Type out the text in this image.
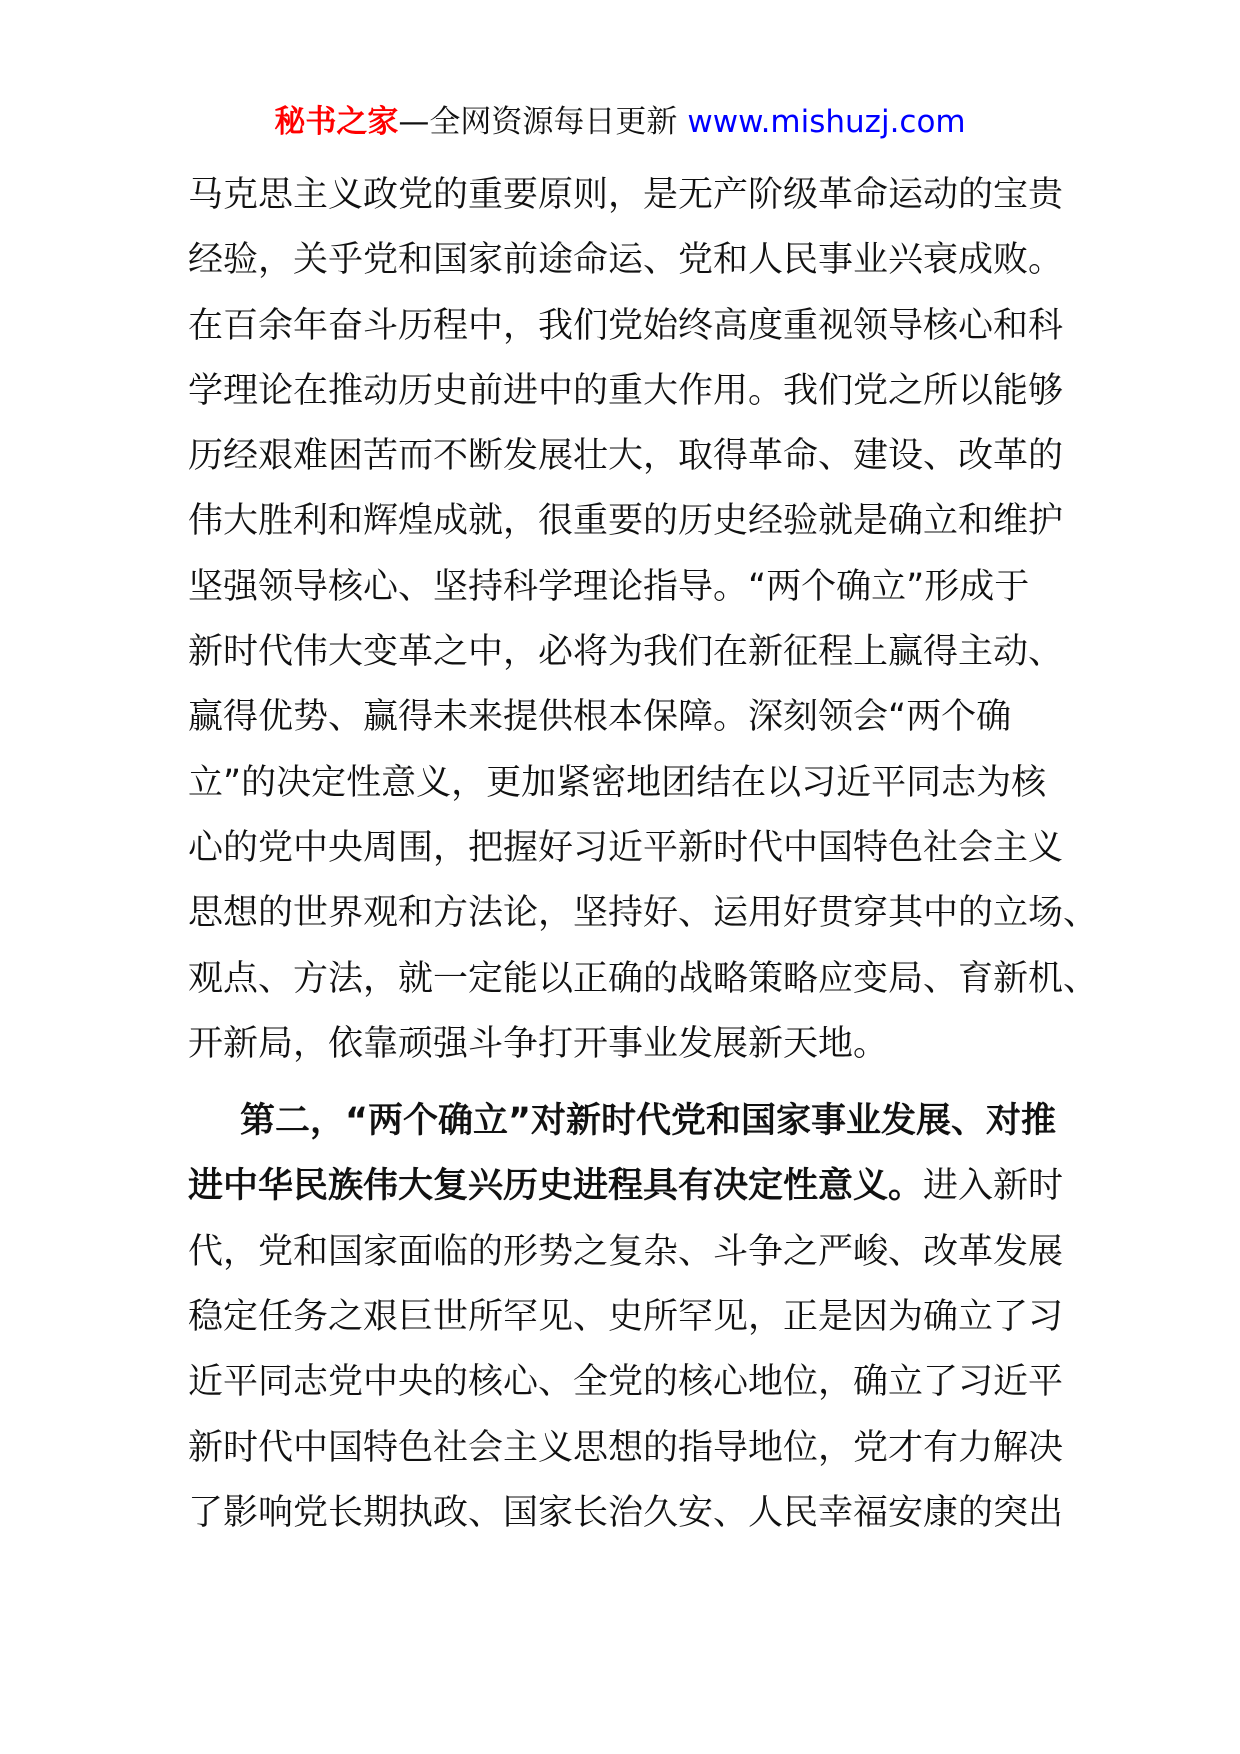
秘书之家—全网资源每日更新 www.mishuzj.com
马克思主义政党的重要原则，是无产阶级革命运动的宝贵
经验，关乎党和国家前途命运、党和人民事业兴衰成败。
在百余年奋斗历程中，我们党始终高度重视领导核心和科
学理论在推动历史前进中的重大作用。我们党之所以能够
历经艰难困苦而不断发展壮大，取得革命、建设、改革的
伟大胜利和辉煌成就，很重要的历史经验就是确立和维护
坚强领导核心、坚持科学理论指导。“两个确立”形成于
新时代伟大变革之中，必将为我们在新征程上赢得主动、
赢得优势、赢得未来提供根本保障。深刻领会“两个确
立”的决定性意义，更加紧密地团结在以习近平同志为核
心的党中央周围，把握好习近平新时代中国特色社会主义
思想的世界观和方法论，坚持好、运用好贯穿其中的立场、
观点、方法，就一定能以正确的战略策略应变局、育新机、
开新局，依靠顽强斗争打开事业发展新天地。
第二，“两个确立”对新时代党和国家事业发展、对推
进中华民族伟大复兴历史进程具有决定性意义。进入新时
代，党和国家面临的形势之复杂、斗争之严峻、改革发展
稳定任务之艰巨世所罕见、史所罕见，正是因为确立了习
近平同志党中央的核心、全党的核心地位，确立了习近平
新时代中国特色社会主义思想的指导地位，党才有力解决
了影响党长期执政、国家长治久安、人民幸福安康的突出
